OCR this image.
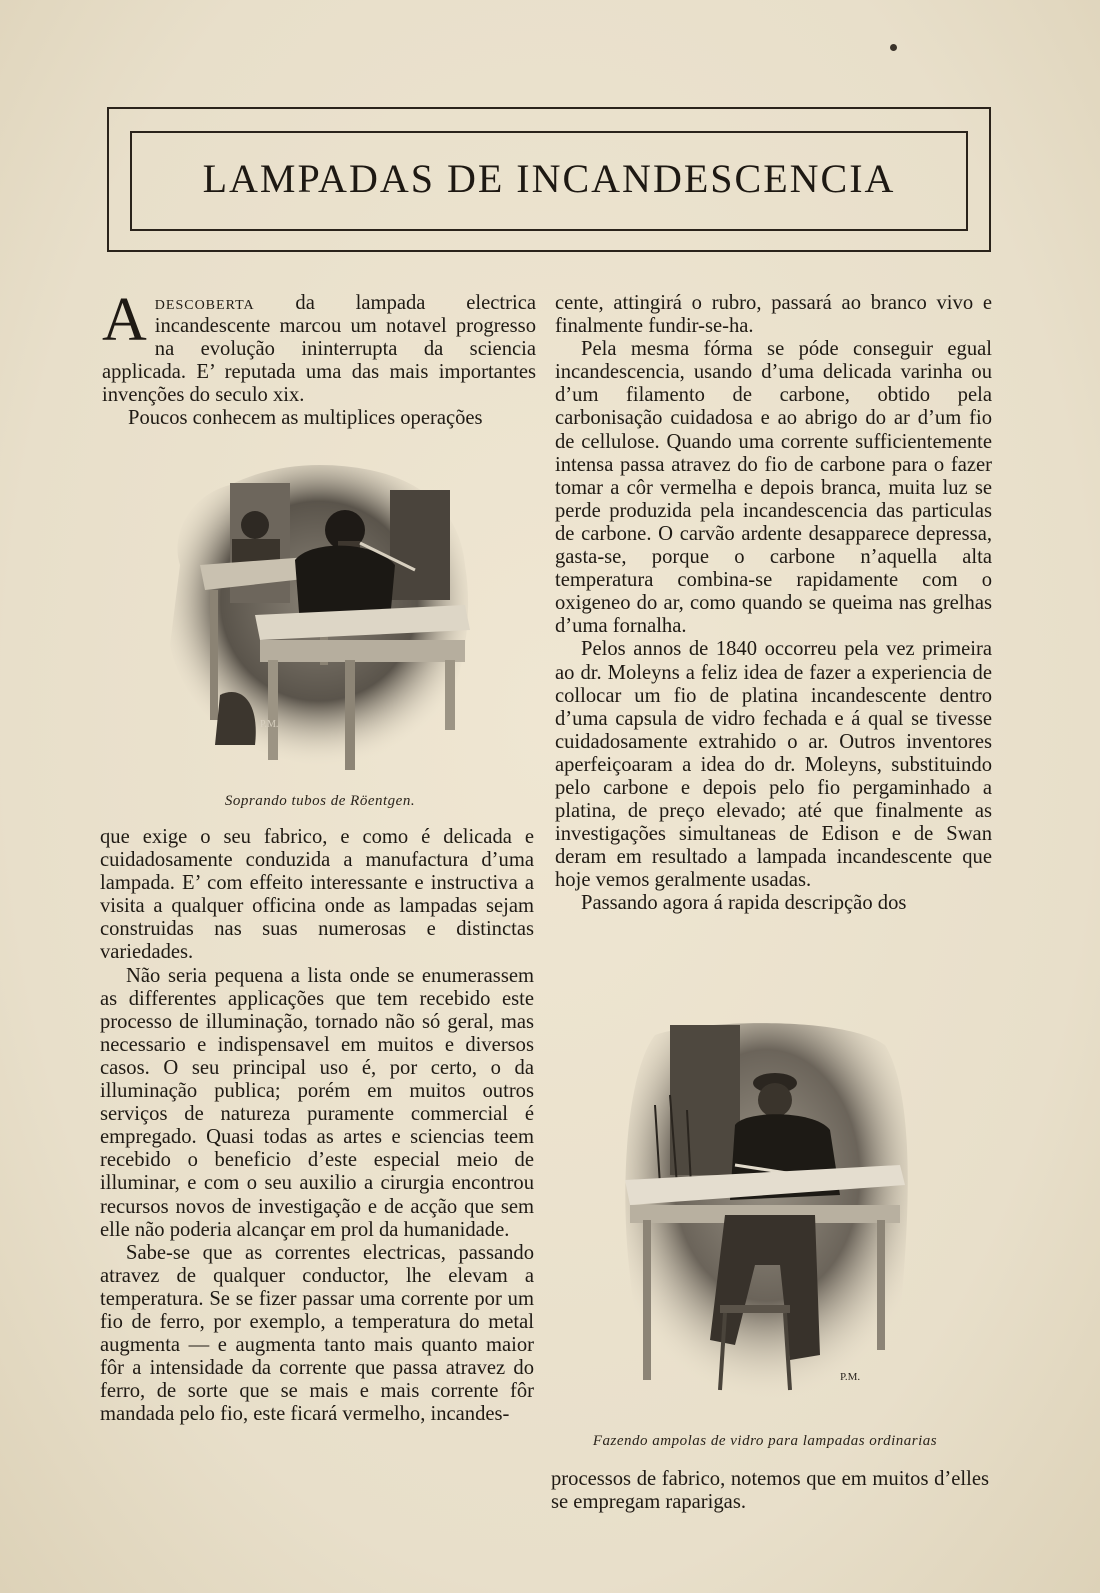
LAMPADAS DE INCANDESCENCIA

Adescoberta da lampada electrica incandescente marcou um notavel progresso na evolução ininterrupta da sciencia applicada. E’ reputada uma das mais importantes invenções do seculo xix.

Poucos conhecem as multiplices operações

P.M.
Soprando tubos de Röentgen.

que exige o seu fabrico, e como é delicada e cuidadosamente conduzida a manufactura d’uma lampada. E’ com effeito interessante e instructiva a visita a qualquer officina onde as lampadas sejam construidas nas suas numerosas e distinctas variedades.

Não seria pequena a lista onde se enumerassem as differentes applicações que tem recebido este processo de illuminação, tornado não só geral, mas necessario e indispensavel em muitos e diversos casos. O seu principal uso é, por certo, o da illuminação publica; porém em muitos outros serviços de natureza puramente commercial é empregado. Quasi todas as artes e sciencias teem recebido o beneficio d’este especial meio de illuminar, e com o seu auxilio a cirurgia encontrou recursos novos de investigação e de acção que sem elle não poderia alcançar em prol da humanidade.

Sabe-se que as correntes electricas, passando atravez de qualquer conductor, lhe elevam a temperatura. Se se fizer passar uma corrente por um fio de ferro, por exemplo, a temperatura do metal augmenta — e augmenta tanto mais quanto maior fôr a intensidade da corrente que passa atravez do ferro, de sorte que se mais e mais corrente fôr mandada pelo fio, este ficará vermelho, incandes-

cente, attingirá o rubro, passará ao branco vivo e finalmente fundir-se-ha.

Pela mesma fórma se póde conseguir egual incandescencia, usando d’uma delicada varinha ou d’um filamento de carbone, obtido pela carbonisação cuidadosa e ao abrigo do ar d’um fio de cellulose. Quando uma corrente sufficientemente intensa passa atravez do fio de carbone para o fazer tomar a côr vermelha e depois branca, muita luz se perde produzida pela incandescencia das particulas de carbone. O carvão ardente desapparece depressa, gasta-se, porque o carbone n’aquella alta temperatura combina-se rapidamente com o oxigeneo do ar, como quando se queima nas grelhas d’uma fornalha.

Pelos annos de 1840 occorreu pela vez primeira ao dr. Moleyns a feliz idea de fazer a experiencia de collocar um fio de platina incandescente dentro d’uma capsula de vidro fechada e á qual se tivesse cuidadosamente extrahido o ar. Outros inventores aperfeiçoaram a idea do dr. Moleyns, substituindo pelo carbone e depois pelo fio pergaminhado a platina, de preço elevado; até que finalmente as investigações simultaneas de Edison e de Swan deram em resultado a lampada incandescente que hoje vemos geralmente usadas.

Passando agora á rapida descripção dos

P.M.
Fazendo ampolas de vidro para lampadas ordinarias

processos de fabrico, notemos que em muitos d’elles se empregam raparigas.
